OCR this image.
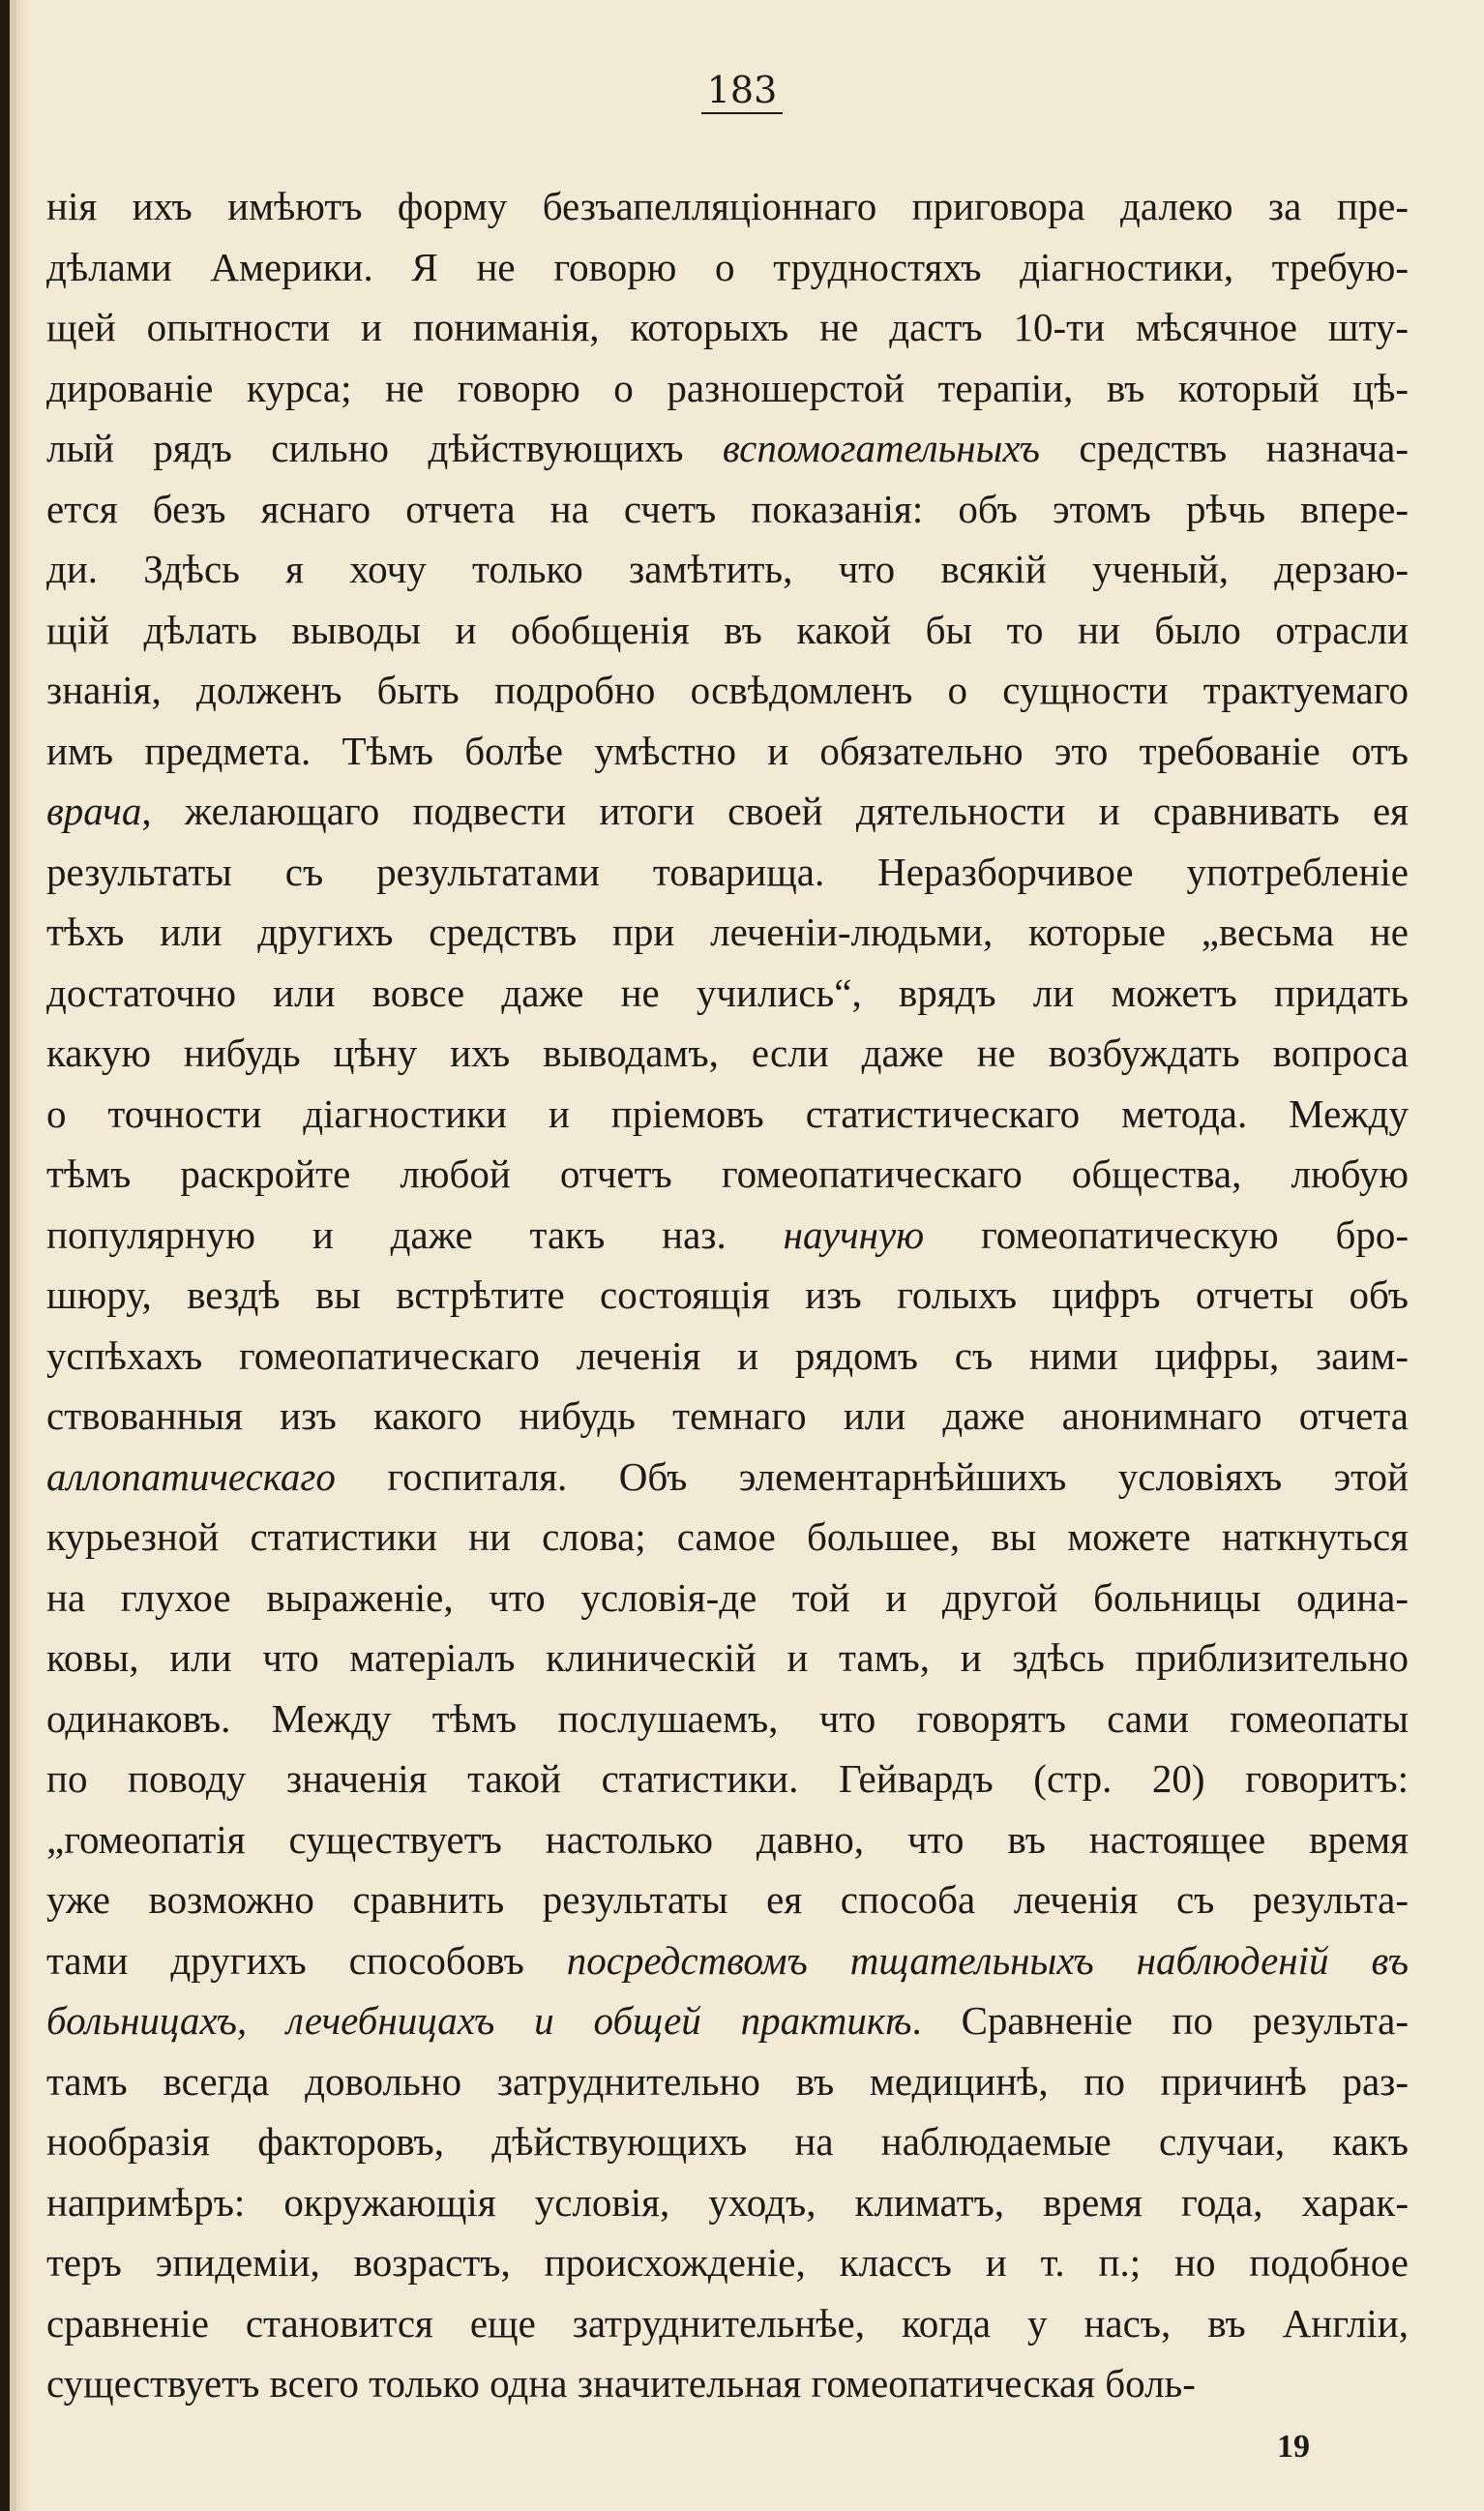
183
нія ихъ имѣютъ форму безъапелляціоннаго приговора далеко за пре-
дѣлами Америки. Я не говорю о трудностяхъ діагностики, требую-
щей опытности и пониманія, которыхъ не дастъ 10-ти мѣсячное шту-
дированіе курса; не говорю о разношерстой терапіи, въ который цѣ-
лый рядъ сильно дѣйствующихъ вспомогательныхъ средствъ назнача-
ется безъ яснаго отчета на счетъ показанія: объ этомъ рѣчь впере-
ди. Здѣсь я хочу только замѣтить, что всякій ученый, дерзаю-
щій дѣлать выводы и обобщенія въ какой бы то ни было отрасли
знанія, долженъ быть подробно освѣдомленъ о сущности трактуемаго
имъ предмета. Тѣмъ болѣе умѣстно и обязательно это требованіе отъ
врача, желающаго подвести итоги своей дятельности и сравнивать ея
результаты съ результатами товарища. Неразборчивое употребленіе
тѣхъ или другихъ средствъ при леченіи-людьми, которые „весьма не
достаточно или вовсе даже не учились“, врядъ ли можетъ придать
какую нибудь цѣну ихъ выводамъ, если даже не возбуждать вопроса
о точности діагностики и пріемовъ статистическаго метода. Между
тѣмъ раскройте любой отчетъ гомеопатическаго общества, любую
популярную и даже такъ наз. научную гомеопатическую бро-
шюру, вездѣ вы встрѣтите состоящія изъ голыхъ цифръ отчеты объ
успѣхахъ гомеопатическаго леченія и рядомъ съ ними цифры, заим-
ствованныя изъ какого нибудь темнаго или даже анонимнаго отчета
аллопатическаго госпиталя. Объ элементарнѣйшихъ условіяхъ этой
курьезной статистики ни слова; самое большее, вы можете наткнуться
на глухое выраженіе, что условія-де той и другой больницы одина-
ковы, или что матеріалъ клиническій и тамъ, и здѣсь приблизительно
одинаковъ. Между тѣмъ послушаемъ, что говорятъ сами гомеопаты
по поводу значенія такой статистики. Гейвардъ (стр. 20) говоритъ:
„гомеопатія существуетъ настолько давно, что въ настоящее время
уже возможно сравнить результаты ея способа леченія съ результа-
тами другихъ способовъ посредствомъ тщательныхъ наблюденій въ
больницахъ, лечебницахъ и общей практикѣ. Сравненіе по результа-
тамъ всегда довольно затруднительно въ медицинѣ, по причинѣ раз-
нообразія факторовъ, дѣйствующихъ на наблюдаемые случаи, какъ
напримѣръ: окружающія условія, уходъ, климатъ, время года, харак-
теръ эпидеміи, возрастъ, происхожденіе, классъ и т. п.; но подобное
сравненіе становится еще затруднительнѣе, когда у насъ, въ Англіи,
существуетъ всего только одна значительная гомеопатическая боль-
19
